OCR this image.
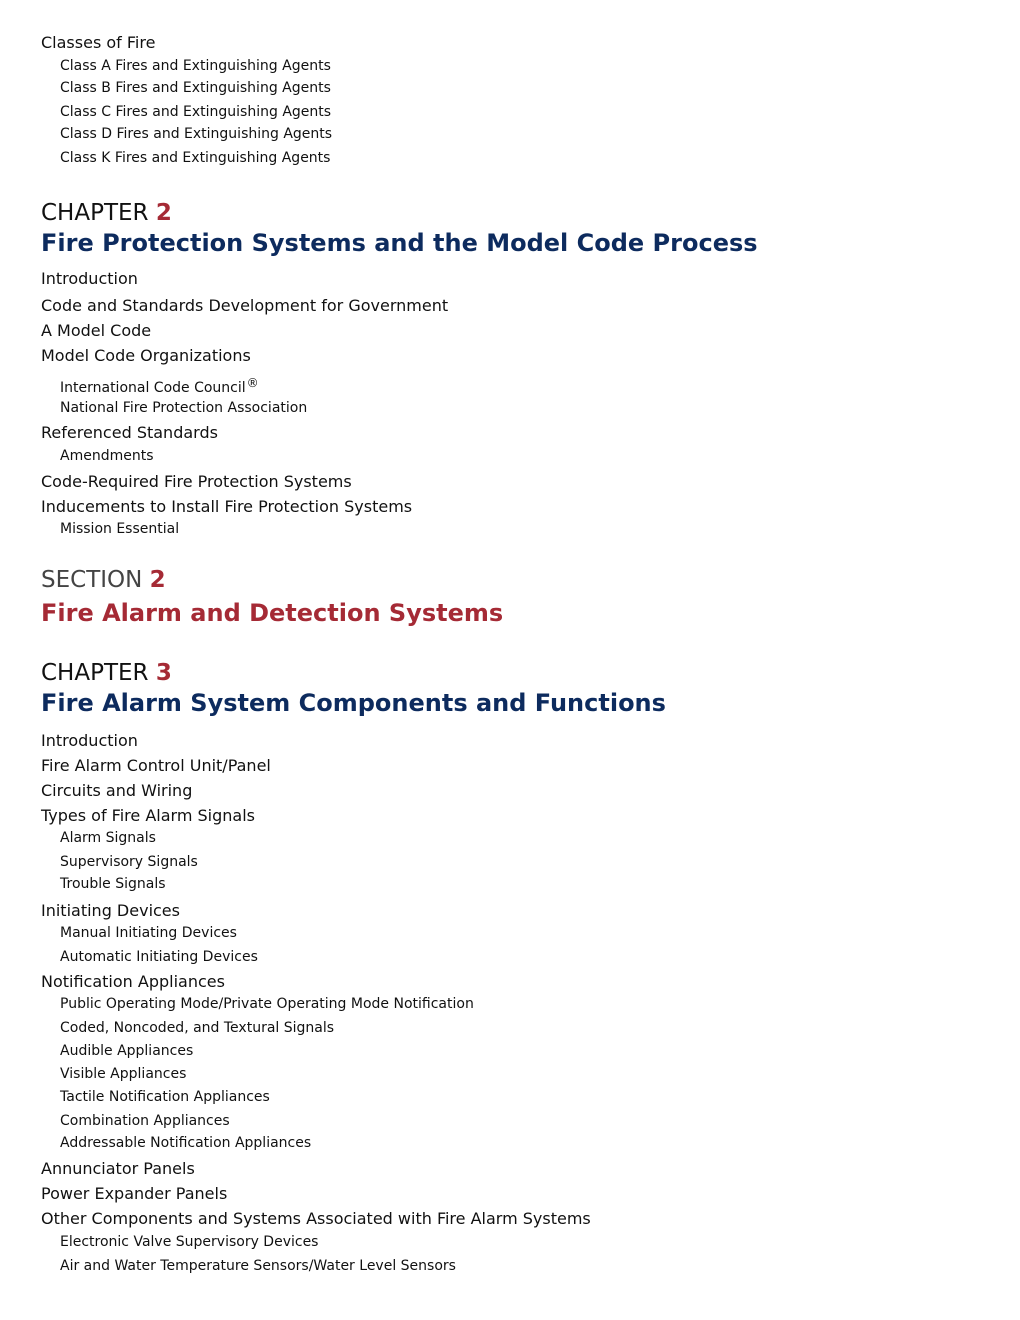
Classes of Fire
Class A Fires and Extinguishing Agents
Class B Fires and Extinguishing Agents
Class C Fires and Extinguishing Agents
Class D Fires and Extinguishing Agents
Class K Fires and Extinguishing Agents
CHAPTER 2
Fire Protection Systems and the Model Code Process
Introduction
Code and Standards Development for Government
A Model Code
Model Code Organizations
International Code Council®
National Fire Protection Association
Referenced Standards
Amendments
Code-Required Fire Protection Systems
Inducements to Install Fire Protection Systems
Mission Essential
SECTION 2
Fire Alarm and Detection Systems
CHAPTER 3
Fire Alarm System Components and Functions
Introduction
Fire Alarm Control Unit/Panel
Circuits and Wiring
Types of Fire Alarm Signals
Alarm Signals
Supervisory Signals
Trouble Signals
Initiating Devices
Manual Initiating Devices
Automatic Initiating Devices
Notification Appliances
Public Operating Mode/Private Operating Mode Notification
Coded, Noncoded, and Textural Signals
Audible Appliances
Visible Appliances
Tactile Notification Appliances
Combination Appliances
Addressable Notification Appliances
Annunciator Panels
Power Expander Panels
Other Components and Systems Associated with Fire Alarm Systems
Electronic Valve Supervisory Devices
Air and Water Temperature Sensors/Water Level Sensors
